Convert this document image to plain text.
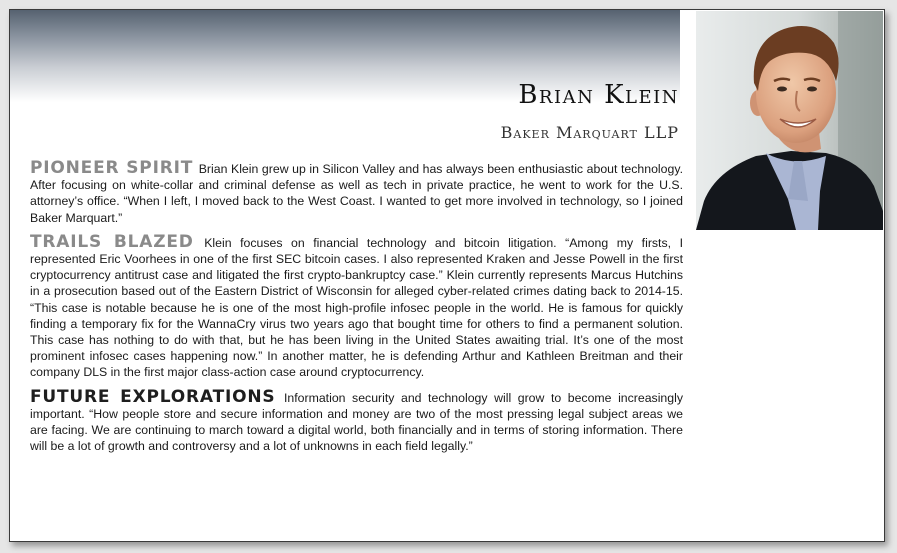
Brian Klein
Baker Marquart LLP

PIONEER SPIRIT Brian Klein grew up in Silicon Valley and has always been enthusiastic about technology. After focusing on white-collar and criminal defense as well as tech in private practice, he went to work for the U.S. attorney’s office. “When I left, I moved back to the West Coast. I wanted to get more involved in technology, so I joined Baker Marquart.”

TRAILS BLAZED Klein focuses on financial technology and bitcoin litigation. “Among my firsts, I represented Eric Voorhees in one of the first SEC bitcoin cases. I also represented Kraken and Jesse Powell in the first cryptocurrency antitrust case and litigated the first crypto-bankruptcy case.” Klein currently represents Marcus Hutchins in a prosecution based out of the Eastern District of Wisconsin for alleged cyber-related crimes dating back to 2014-15. “This case is notable because he is one of the most high-profile infosec people in the world. He is famous for quickly finding a temporary fix for the WannaCry virus two years ago that bought time for others to find a permanent solution. This case has nothing to do with that, but he has been living in the United States awaiting trial. It’s one of the most prominent infosec cases happening now.” In another matter, he is defending Arthur and Kathleen Breitman and their company DLS in the first major class-action case around cryptocurrency.

FUTURE EXPLORATIONS Information security and technology will grow to become increasingly important. “How people store and secure information and money are two of the most pressing legal subject areas we are facing. We are continuing to march toward a digital world, both financially and in terms of storing information. There will be a lot of growth and controversy and a lot of unknowns in each field legally.”
